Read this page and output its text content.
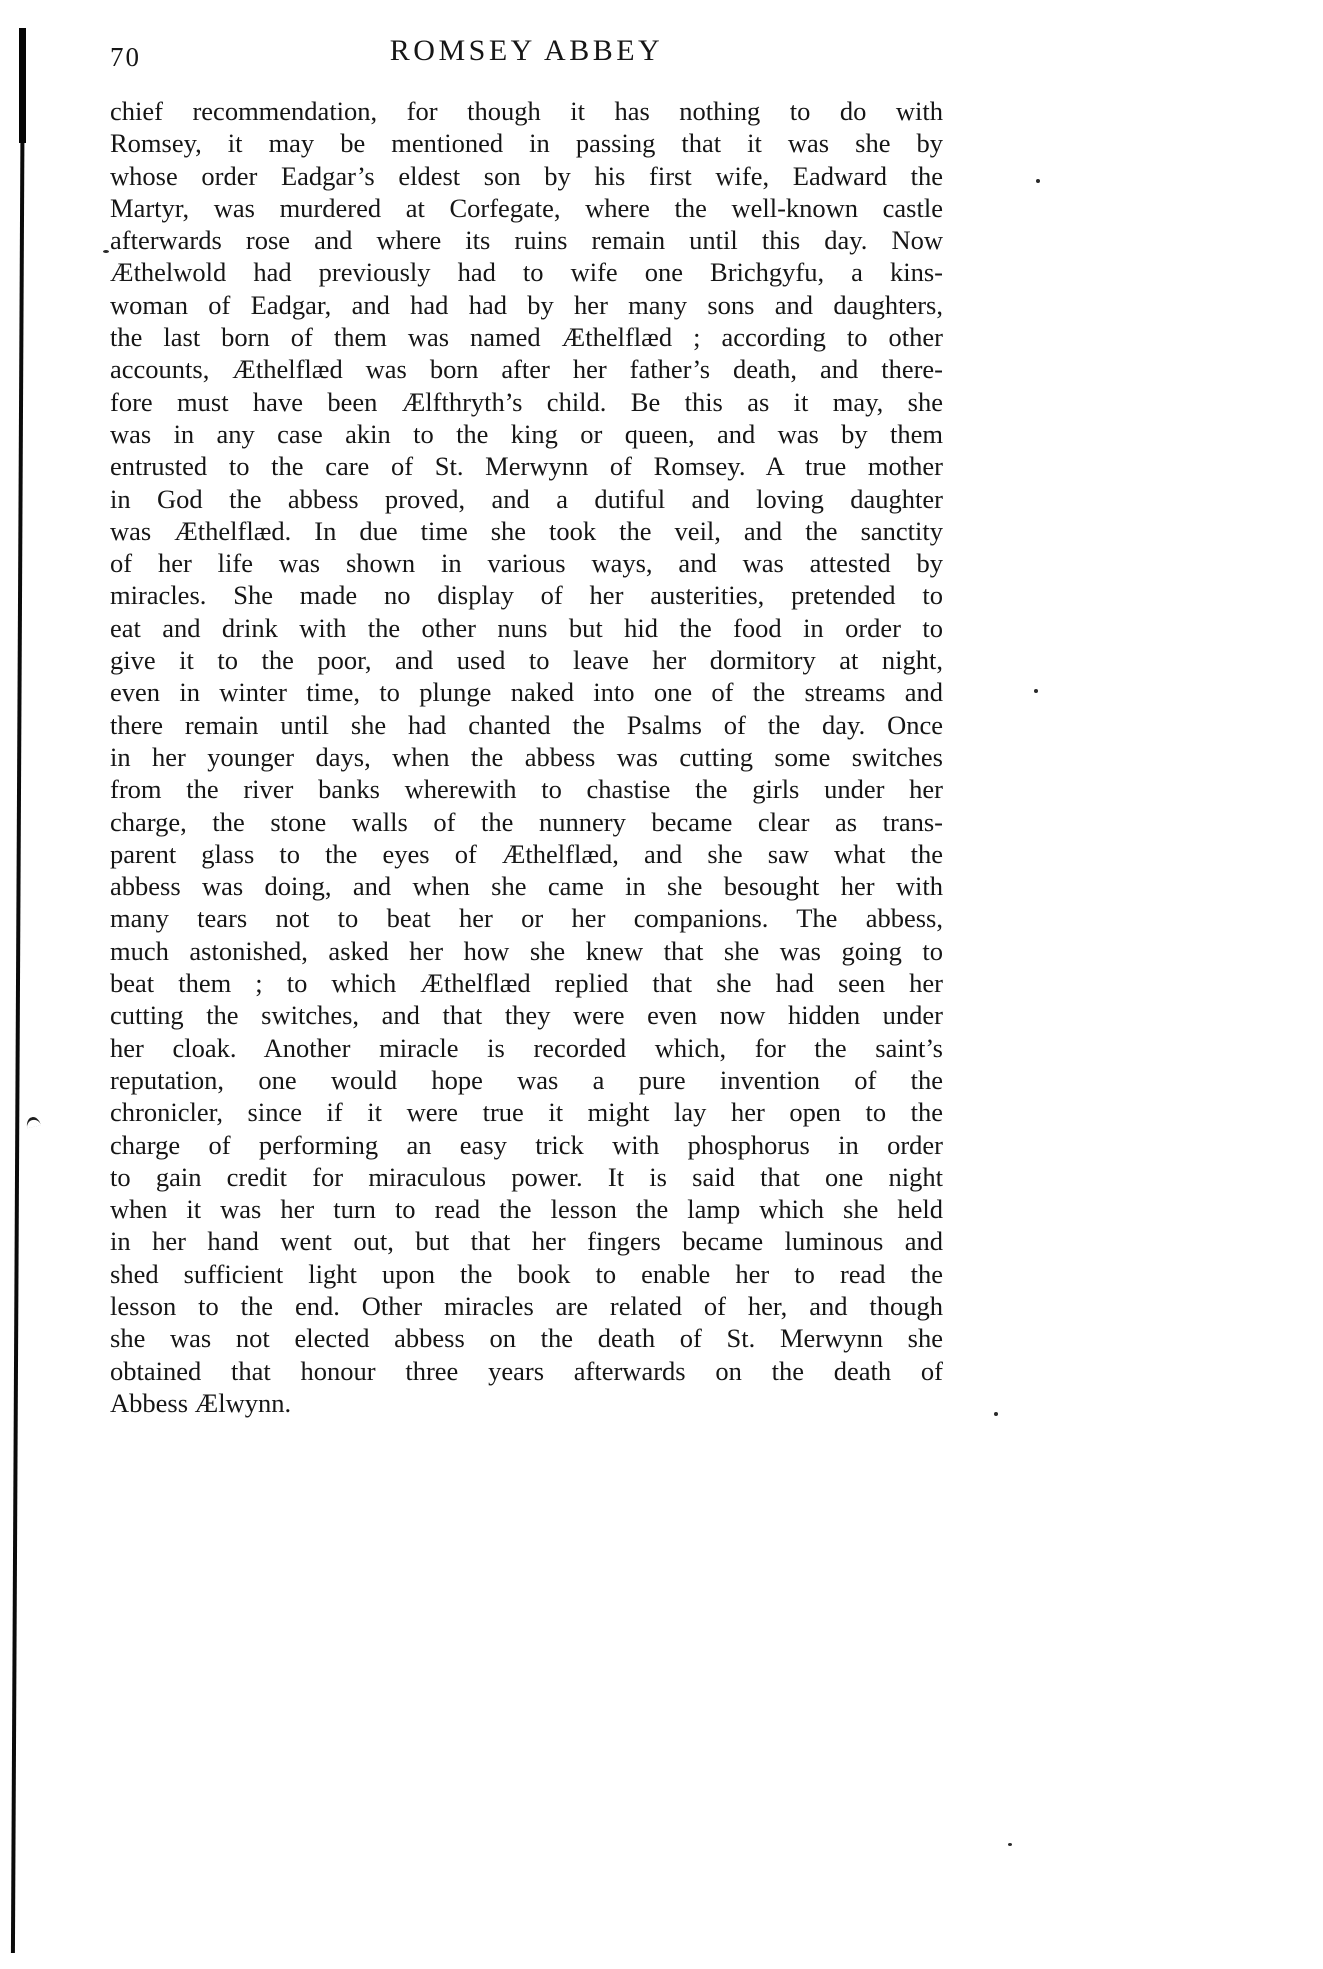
70	ROMSEY ABBEY
chief recommendation, for though it has nothing to do with
Romsey, it may be mentioned in passing that it was she by
whose order Eadgar’s eldest son by his first wife, Eadward the
Martyr, was murdered at Corfegate, where the well-known castle
afterwards rose and where its ruins remain until this day. Now
Æthelwold had previously had to wife one Brichgyfu, a kins-
woman of Eadgar, and had had by her many sons and daughters,
the last born of them was named Æthelflæd ; according to other
accounts, Æthelflæd was born after her father’s death, and there-
fore must have been Ælfthryth’s child. Be this as it may, she
was in any case akin to the king or queen, and was by them
entrusted to the care of St. Merwynn of Romsey. A true mother
in God the abbess proved, and a dutiful and loving daughter
was Æthelflæd. In due time she took the veil, and the sanctity
of her life was shown in various ways, and was attested by
miracles. She made no display of her austerities, pretended to
eat and drink with the other nuns but hid the food in order to
give it to the poor, and used to leave her dormitory at night,
even in winter time, to plunge naked into one of the streams and
there remain until she had chanted the Psalms of the day. Once
in her younger days, when the abbess was cutting some switches
from the river banks wherewith to chastise the girls under her
charge, the stone walls of the nunnery became clear as trans-
parent glass to the eyes of Æthelflæd, and she saw what the
abbess was doing, and when she came in she besought her with
many tears not to beat her or her companions. The abbess,
much astonished, asked her how she knew that she was going to
beat them ; to which Æthelflæd replied that she had seen her
cutting the switches, and that they were even now hidden under
her cloak. Another miracle is recorded which, for the saint’s
reputation, one would hope was a pure invention of the
chronicler, since if it were true it might lay her open to the
charge of performing an easy trick with phosphorus in order
to gain credit for miraculous power. It is said that one night
when it was her turn to read the lesson the lamp which she held
in her hand went out, but that her fingers became luminous and
shed sufficient light upon the book to enable her to read the
lesson to the end. Other miracles are related of her, and though
she was not elected abbess on the death of St. Merwynn she
obtained that honour three years afterwards on the death of
Abbess Ælwynn.
